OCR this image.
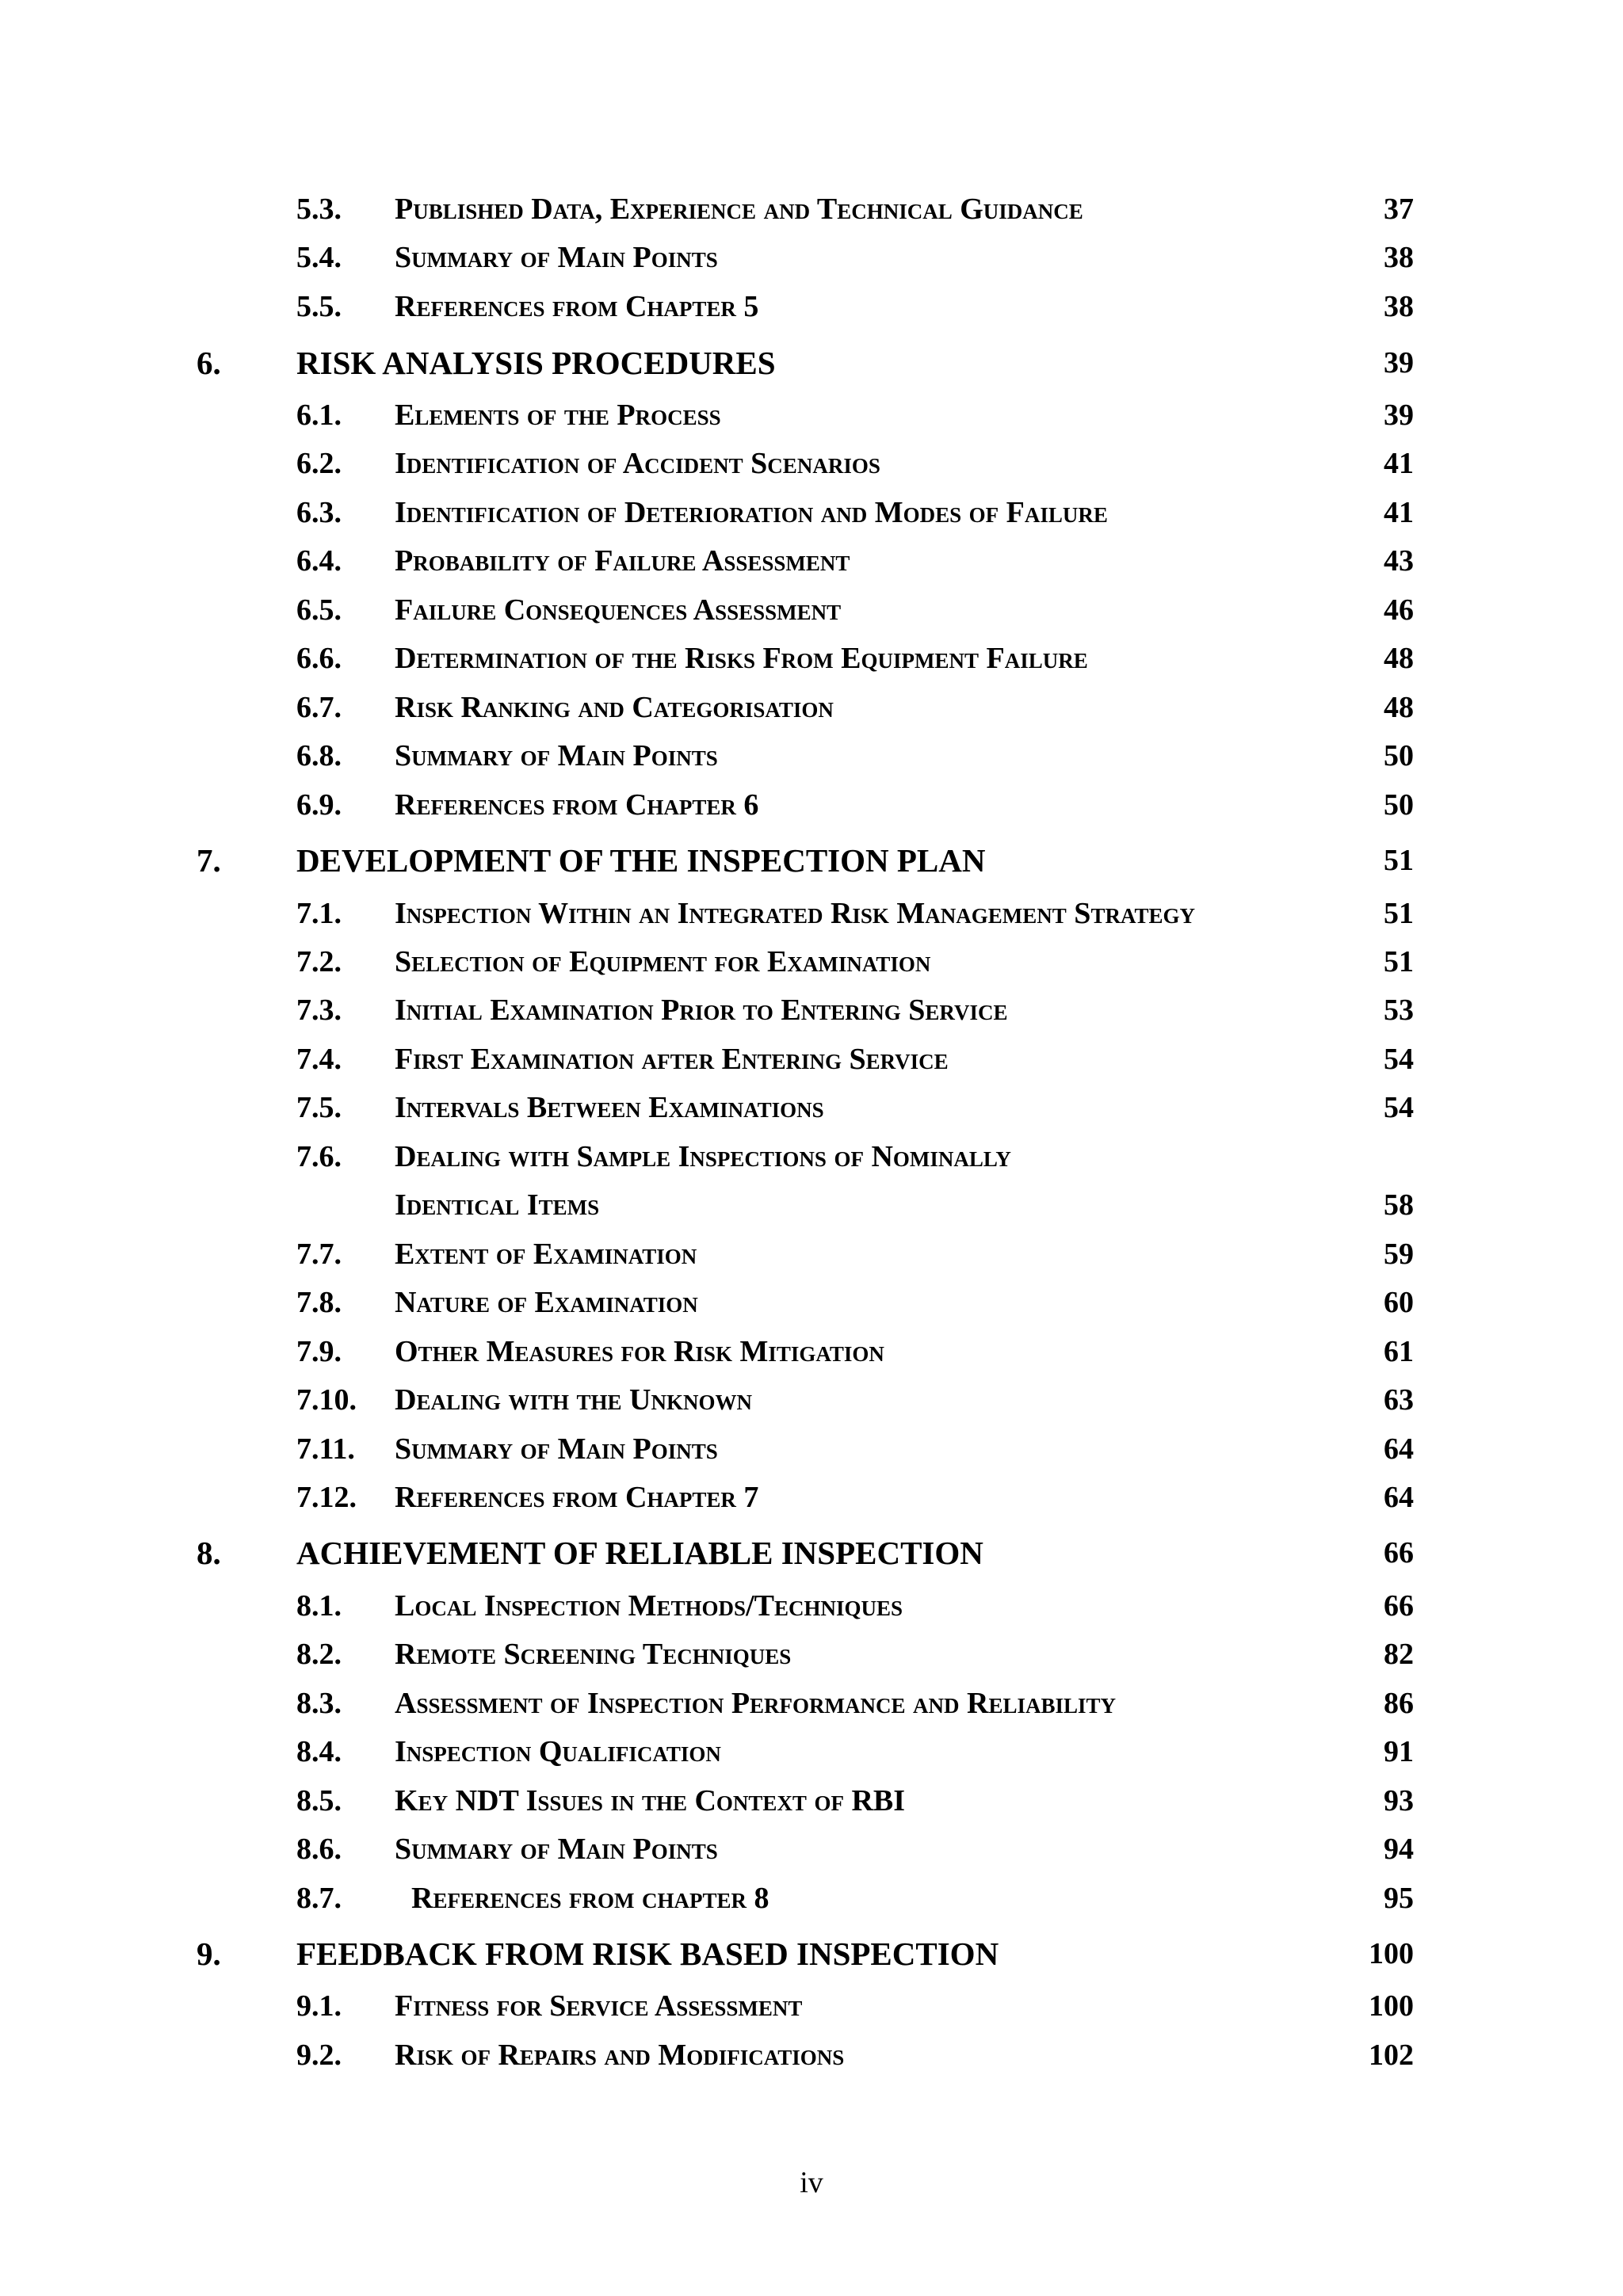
5.3. Published Data, Experience and Technical Guidance	37
5.4. Summary of Main Points	38
5.5. References from Chapter 5	38
6. RISK ANALYSIS PROCEDURES	39
6.1. Elements of the Process	39
6.2. Identification of Accident Scenarios	41
6.3. Identification of Deterioration and Modes of Failure	41
6.4. Probability of Failure Assessment	43
6.5. Failure Consequences Assessment	46
6.6. Determination of the Risks From Equipment Failure	48
6.7. Risk Ranking and Categorisation	48
6.8. Summary of Main Points	50
6.9. References from Chapter 6	50
7. DEVELOPMENT OF THE INSPECTION PLAN	51
7.1. Inspection Within an Integrated Risk Management Strategy	51
7.2. Selection of Equipment for Examination	51
7.3. Initial Examination Prior to Entering Service	53
7.4. First Examination after Entering Service	54
7.5. Intervals Between Examinations	54
7.6. Dealing with Sample Inspections of Nominally
Identical Items	58
7.7. Extent of Examination	59
7.8. Nature of Examination	60
7.9. Other Measures for Risk Mitigation	61
7.10. Dealing with the Unknown	63
7.11. Summary of Main Points	64
7.12. References from Chapter 7	64
8. ACHIEVEMENT OF RELIABLE INSPECTION	66
8.1. Local Inspection Methods/Techniques	66
8.2. Remote Screening Techniques	82
8.3. Assessment of Inspection Performance and Reliability	86
8.4. Inspection Qualification	91
8.5. Key NDT Issues in the Context of RBI	93
8.6. Summary of Main Points	94
8.7. References from chapter 8	95
9. FEEDBACK FROM RISK BASED INSPECTION	100
9.1. Fitness for Service Assessment	100
9.2. Risk of Repairs and Modifications	102
iv
